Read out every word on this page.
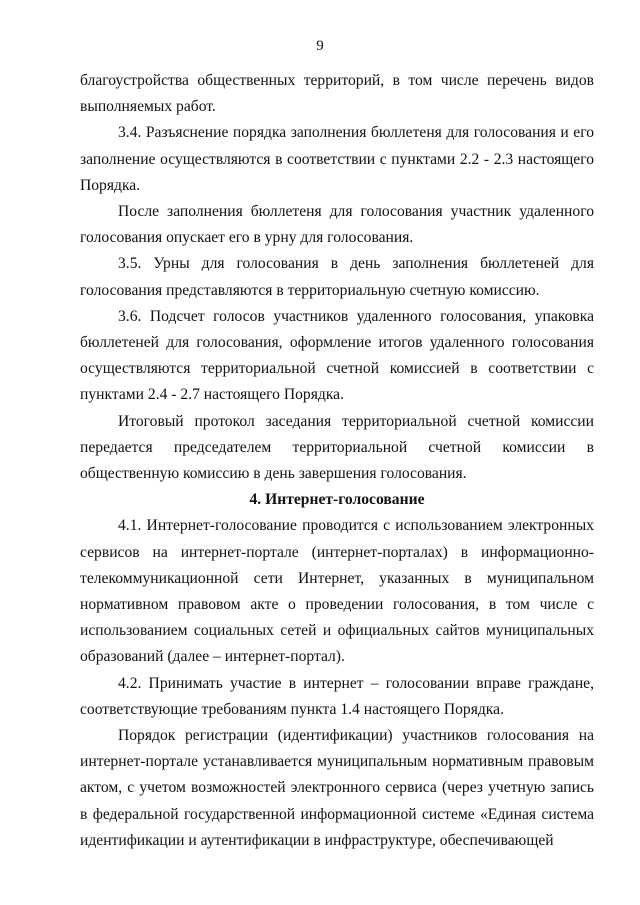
9

благоустройства общественных территорий, в том числе перечень видов выполняемых работ.

3.4. Разъяснение порядка заполнения бюллетеня для голосования и его заполнение осуществляются в соответствии с пунктами 2.2 - 2.3 настоящего Порядка.

После заполнения бюллетеня для голосования участник удаленного голосования опускает его в урну для голосования.

3.5. Урны для голосования в день заполнения бюллетеней для голосования представляются в территориальную счетную комиссию.

3.6. Подсчет голосов участников удаленного голосования, упаковка бюллетеней для голосования, оформление итогов удаленного голосования осуществляются территориальной счетной комиссией в соответствии с пунктами 2.4 - 2.7 настоящего Порядка.

Итоговый протокол заседания территориальной счетной комиссии передается председателем территориальной счетной комиссии в общественную комиссию в день завершения голосования.

4. Интернет-голосование

4.1. Интернет-голосование проводится с использованием электронных сервисов на интернет-портале (интернет-порталах) в информационно-телекоммуникационной сети Интернет, указанных в муниципальном нормативном правовом акте о проведении голосования, в том числе с использованием социальных сетей и официальных сайтов муниципальных образований (далее – интернет-портал).

4.2. Принимать участие в интернет – голосовании вправе граждане, соответствующие требованиям пункта 1.4 настоящего Порядка.

Порядок регистрации (идентификации) участников голосования на интернет-портале устанавливается муниципальным нормативным правовым актом, с учетом возможностей электронного сервиса (через учетную запись в федеральной государственной информационной системе «Единая система идентификации и аутентификации в инфраструктуре, обеспечивающей
